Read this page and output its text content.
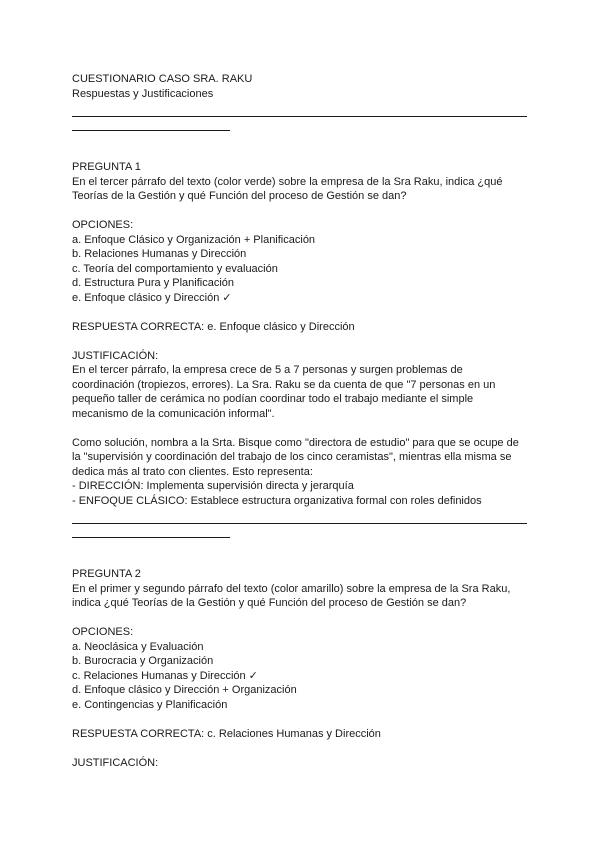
CUESTIONARIO CASO SRA. RAKU

Respuestas y Justificaciones

PREGUNTA 1

En el tercer párrafo del texto (color verde) sobre la empresa de la Sra Raku, indica ¿qué Teorías de la Gestión y qué Función del proceso de Gestión se dan?

OPCIONES:

a. Enfoque Clásico y Organización + Planificación

b. Relaciones Humanas y Dirección

c. Teoría del comportamiento y evaluación

d. Estructura Pura y Planificación

e. Enfoque clásico y Dirección ✓

RESPUESTA CORRECTA: e. Enfoque clásico y Dirección

JUSTIFICACIÓN:

En el tercer párrafo, la empresa crece de 5 a 7 personas y surgen problemas de coordinación (tropiezos, errores). La Sra. Raku se da cuenta de que "7 personas en un pequeño taller de cerámica no podían coordinar todo el trabajo mediante el simple mecanismo de la comunicación informal".

Como solución, nombra a la Srta. Bisque como "directora de estudio" para que se ocupe de la "supervisión y coordinación del trabajo de los cinco ceramistas", mientras ella misma se dedica más al trato con clientes. Esto representa:

- DIRECCIÓN: Implementa supervisión directa y jerarquía

- ENFOQUE CLÁSICO: Establece estructura organizativa formal con roles definidos

PREGUNTA 2

En el primer y segundo párrafo del texto (color amarillo) sobre la empresa de la Sra Raku, indica ¿qué Teorías de la Gestión y qué Función del proceso de Gestión se dan?

OPCIONES:

a. Neoclásica y Evaluación

b. Burocracia y Organización

c. Relaciones Humanas y Dirección ✓

d. Enfoque clásico y Dirección + Organización

e. Contingencias y Planificación

RESPUESTA CORRECTA: c. Relaciones Humanas y Dirección

JUSTIFICACIÓN:
